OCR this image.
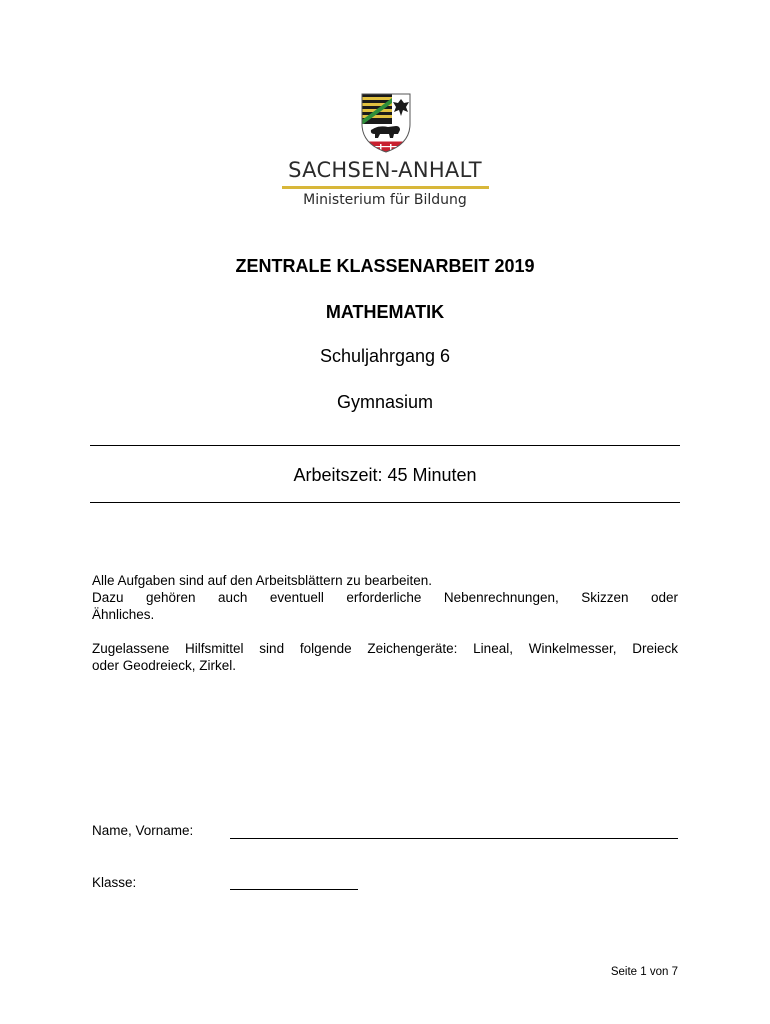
SACHSEN-ANHALT
Ministerium für Bildung
ZENTRALE KLASSENARBEIT 2019
MATHEMATIK
Schuljahrgang 6
Gymnasium
Arbeitszeit: 45 Minuten

Alle Aufgaben sind auf den Arbeitsblättern zu bearbeiten.

Dazu gehören auch eventuell erforderliche Nebenrechnungen, Skizzen oder

Ähnliches.

Zugelassene Hilfsmittel sind folgende Zeichengeräte: Lineal, Winkelmesser, Dreieck

oder Geodreieck, Zirkel.

Name, Vorname:
Klasse:
Seite 1 von 7
